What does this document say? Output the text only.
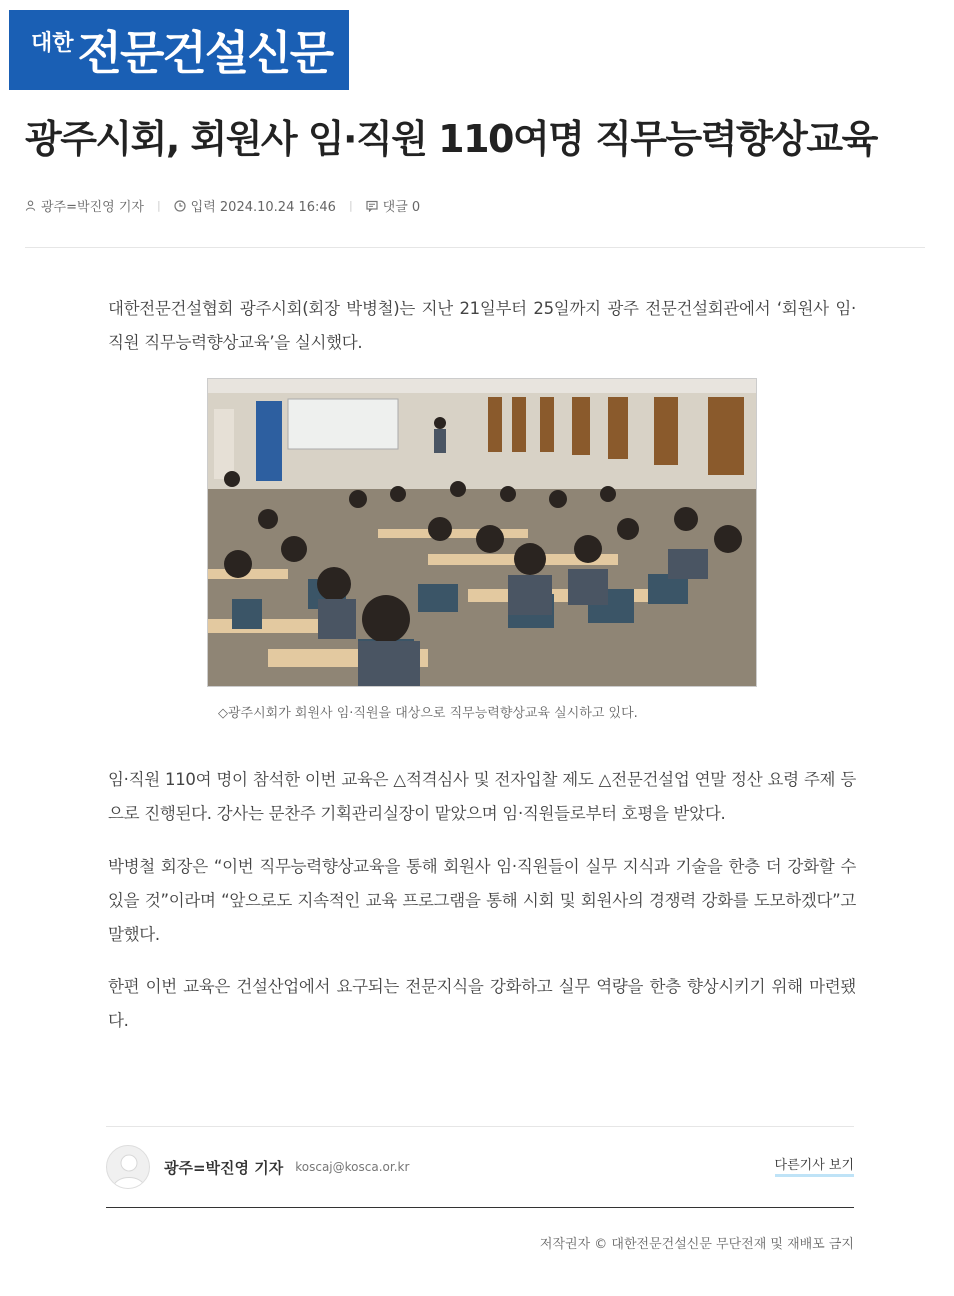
대한 전문건설신문
광주시회, 회원사 임·직원 110여명 직무능력향상교육
광주=박진영 기자 | 입력 2024.10.24 16:46 | 댓글 0

대한전문건설협회 광주시회(회장 박병철)는 지난 21일부터 25일까지 광주 전문건설회관에서 ‘회원사 임·직원 직무능력향상교육’을 실시했다.

◇광주시회가 회원사 임·직원을 대상으로 직무능력향상교육 실시하고 있다.

임·직원 110여 명이 참석한 이번 교육은 △적격심사 및 전자입찰 제도 △전문건설업 연말 정산 요령 주제 등으로 진행된다. 강사는 문찬주 기획관리실장이 맡았으며 임·직원들로부터 호평을 받았다.

박병철 회장은 “이번 직무능력향상교육을 통해 회원사 임·직원들이 실무 지식과 기술을 한층 더 강화할 수 있을 것”이라며 “앞으로도 지속적인 교육 프로그램을 통해 시회 및 회원사의 경쟁력 강화를 도모하겠다”고 말했다.

한편 이번 교육은 건설산업에서 요구되는 전문지식을 강화하고 실무 역량을 한층 향상시키기 위해 마련됐다.

광주=박진영 기자 koscaj@kosca.or.kr	다른기사 보기
저작권자 © 대한전문건설신문 무단전재 및 재배포 금지
